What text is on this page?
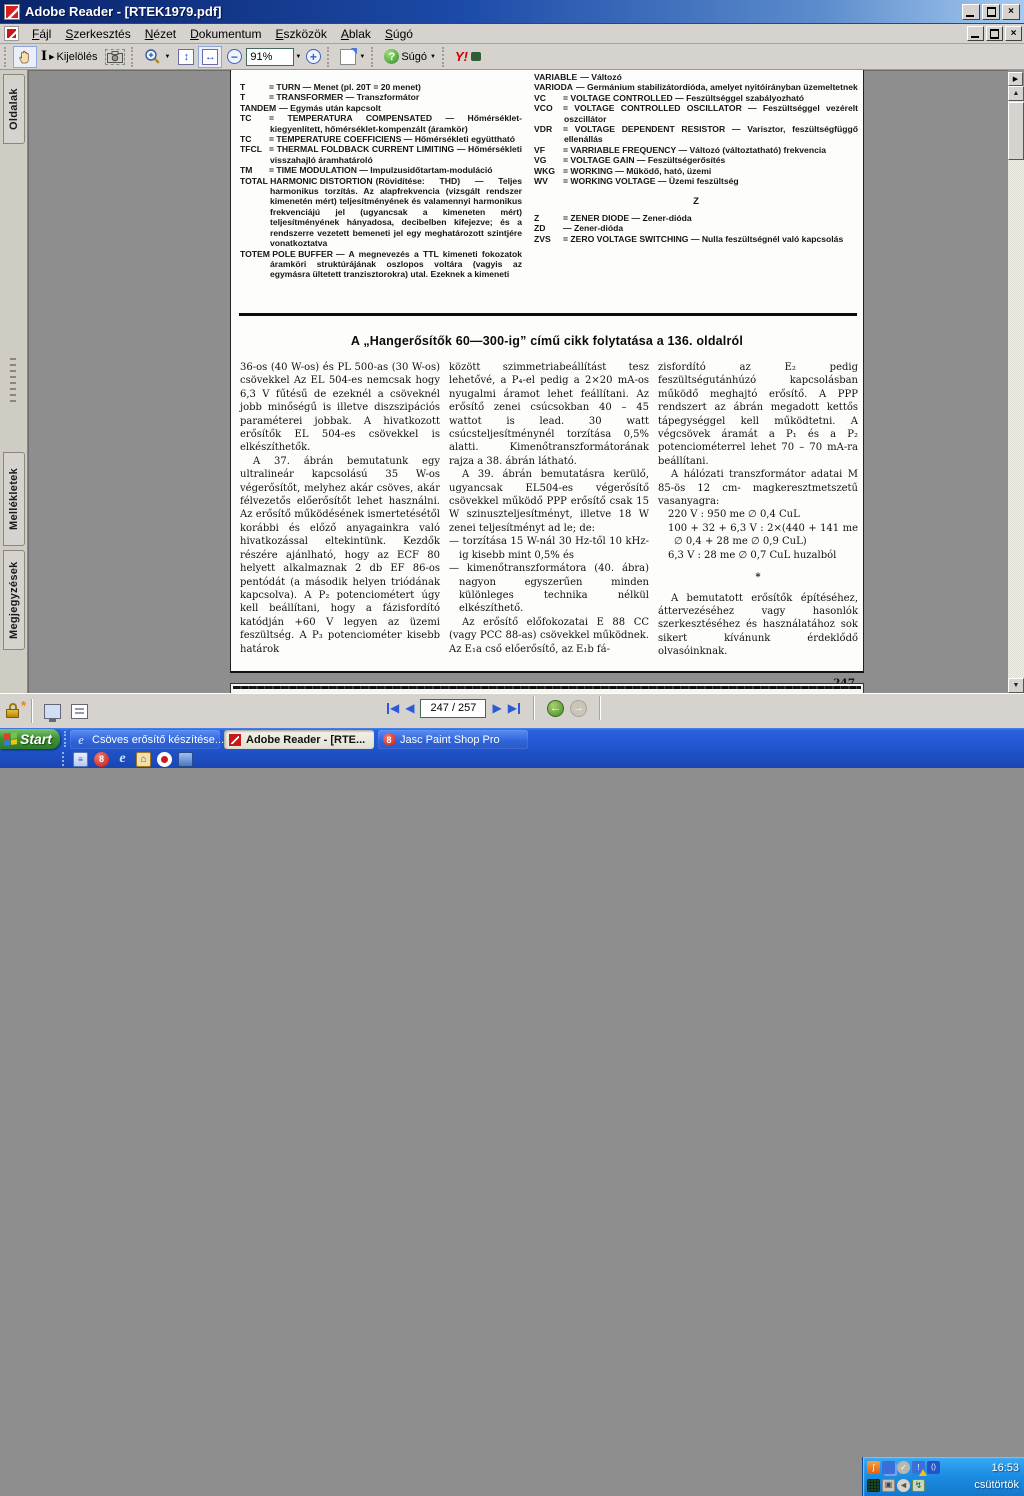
Adobe Reader - [RTEK1979.pdf]	×
Fájl	Szerkesztés	Nézet	Dokumentum	Eszközök	Ablak	Súgó	×
I ▶ Kijelölés	▼	↕	↔	−
91%	▼ +	▼	? Súgó ▼ Y!
▶
Oldalak
Mellékletek
Megjegyzések
T	= TURN — Menet (pl. 20T = 20 menet)
T	= TRANSFORMER — Transzformátor
TANDEM — Egymás után kapcsolt
TC = TEMPERATURA COMPENSATED — Hőmérséklet-kiegyenlített, hőmérséklet-kompenzált (áramkör)
TC = TEMPERATURE COEFFICIENS — Hőmérsékleti együttható
TFCL = THERMAL FOLDBACK CURRENT LIMITING — Hőmérsékleti visszahajló áramhatároló
TM = TIME MODULATION — Impulzusidőtartam-moduláció
TOTAL HARMONIC DISTORTION (Rövidítése: THD) — Teljes harmonikus torzítás. Az alapfrekvencia (vizsgált rendszer kimenetén mért) teljesítményének és valamennyi harmonikus frekvenciájú jel (ugyancsak a kimeneten mért) teljesítményének hányadosa, decibelben kifejezve; és a rendszerre vezetett bemeneti jel egy meghatározott szintjére vonatkoztatva
TOTEM POLE BUFFER — A megnevezés a TTL kimeneti fokozatok áramköri struktúrájának oszlopos voltára (vagyis az egymásra ültetett tranzisztorokra) utal. Ezeknek a kimeneti
VARIABLE — Változó
VARIODA — Germánium stabilizátordióda, amelyet nyitóirányban üzemeltetnek
VC = VOLTAGE CONTROLLED — Feszültséggel szabályozható
VCO = VOLTAGE CONTROLLED OSCILLATOR — Feszültséggel vezérelt oszcillátor
VDR = VOLTAGE DEPENDENT RESISTOR — Varisztor, feszültségfüggő ellenállás
VF = VARRIABLE FREQUENCY — Változó (változtatható) frekvencia
VG = VOLTAGE GAIN — Feszültségerősítés
WKG = WORKING — Működő, ható, üzemi
WV = WORKING VOLTAGE — Üzemi feszültség
Z
Z	= ZENER DIODE — Zener-dióda
ZD — Zener-dióda
ZVS = ZERO VOLTAGE SWITCHING — Nulla feszültségnél való kapcsolás
A „Hangerősítők 60—300-ig” című cikk folytatása a 136. oldalról
36-os (40 W-os) és PL 500-as (30 W-os) csövekkel Az EL 504-es nemcsak hogy 6,3 V fűtésű de ezeknél a csöveknél jobb minőségű is illetve diszszipációs paraméterei jobbak. A hivatkozott erősítők EL 504-es csövekkel is elkészíthetők.
A 37. ábrán bemutatunk egy ultralineár kapcsolású 35 W-os végerősítőt, melyhez akár csöves, akár félvezetős előerősítőt lehet használni. Az erősítő működésének ismertetésétől korábbi és előző anyagainkra való hivatkozással eltekintünk. Kezdők részére ajánlható, hogy az ECF 80 helyett alkalmaznak 2 db EF 86-os pentódát (a második helyen triódának kapcsolva). A P₂ potenciométert úgy kell beállítani, hogy a fázisfordító katódján +60 V legyen az üzemi feszültség. A P₃ potenciométer kisebb határok
között szimmetriabeállítást tesz lehetővé, a P₄-el pedig a 2×20 mA-os nyugalmi áramot lehet feállítani. Az erősítő zenei csúcsokban 40 – 45 wattot is lead. 30 watt csúcsteljesítménynél torzítása 0,5% alatti. Kimenőtranszformátorának rajza a 38. ábrán látható.
A 39. ábrán bemutatásra kerülő, ugyancsak EL504-es végerősítő csövekkel működő PPP erősítő csak 15 W szinuszteljesítményt, illetve 18 W zenei teljesítményt ad le; de:
— torzítása 15 W-nál 30 Hz-től 10 kHz-ig kisebb mint 0,5% és
— kimenőtranszformátora (40. ábra) nagyon egyszerűen minden különleges technika nélkül elkészíthető.
Az erősítő előfokozatai E 88 CC (vagy PCC 88-as) csövekkel működnek. Az E₁a cső előerősítő, az E₁b fá-
zisfordító az E₂ pedig feszültségutánhúzó kapcsolásban működő meghajtó erősítő. A PPP rendszert az ábrán megadott kettős tápegységgel kell működtetni. A végcsövek áramát a P₁ és a P₂ potenciométerrel lehet 70 – 70 mA-ra beállítani.
A hálózati transzformátor adatai M 85-ös 12 cm- magkeresztmetszetű vasanyagra:
220 V : 950 me ∅ 0,4 CuL
100 + 32 + 6,3 V : 2×(440 + 141 me ∅ 0,4 + 28 me ∅ 0,9 CuL)
6,3 V : 28 me ∅ 0,7 CuL huzalból
*
A bemutatott erősítők építéséhez, áttervezéséhez vagy hasonlók szerkesztéséhez és használatához sok sikert kívánunk érdeklődő olvasóinknak.
▲
▼
*	◀ ◀
247 / 257	▶ ▶	← →
Start e Csöves erősítő készítése... Adobe Reader - [RTE...	8 Jasc Paint Shop Pro
≡	8	e	⌂
ʃ	✓	!	()	16:53
▣ ◄ ↯	csütörtök
